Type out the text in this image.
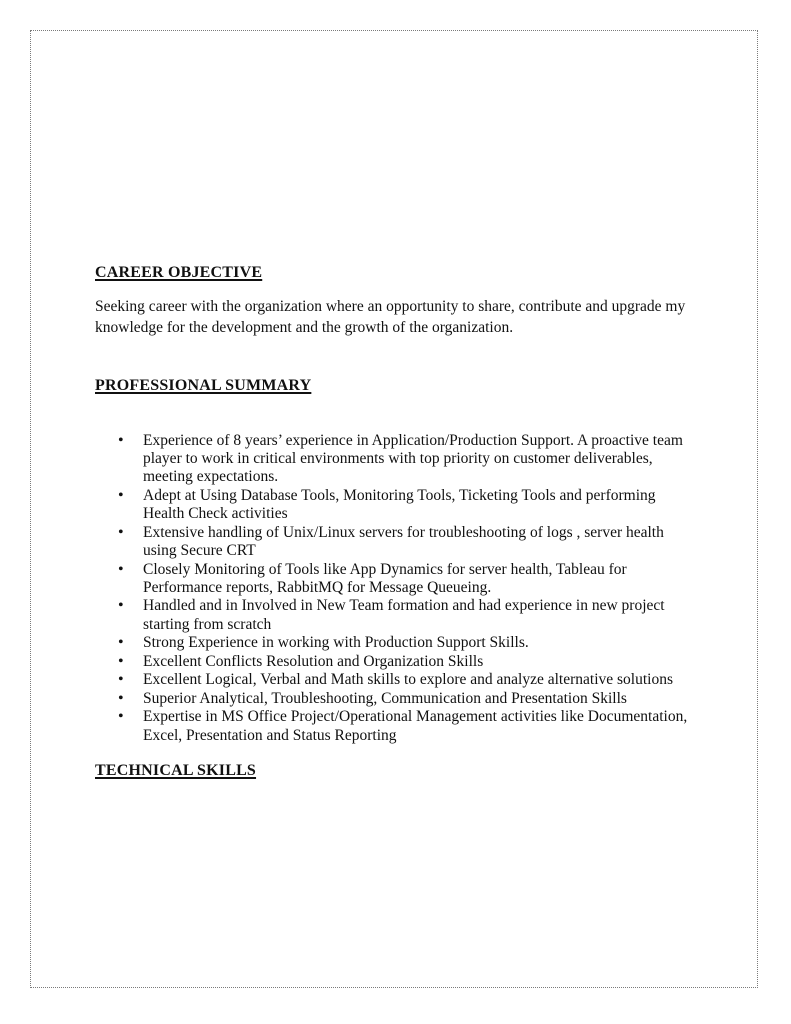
CAREER OBJECTIVE

Seeking career with the organization where an opportunity to share, contribute and upgrade my knowledge for the development and the growth of the organization.

PROFESSIONAL SUMMARY
• Experience of 8 years’ experience in Application/Production Support. A proactive team player to work in critical environments with top priority on customer deliverables, meeting expectations.
• Adept at Using Database Tools, Monitoring Tools, Ticketing Tools and performing Health Check activities
• Extensive handling of Unix/Linux servers for troubleshooting of logs , server health using Secure CRT
• Closely Monitoring of Tools like App Dynamics for server health, Tableau for Performance reports, RabbitMQ for Message Queueing.
• Handled and in Involved in New Team formation and had experience in new project starting from scratch
• Strong Experience in working with Production Support Skills.
• Excellent Conflicts Resolution and Organization Skills
• Excellent Logical, Verbal and Math skills to explore and analyze alternative solutions
• Superior Analytical, Troubleshooting, Communication and Presentation Skills
• Expertise in MS Office Project/Operational Management activities like Documentation, Excel, Presentation and Status Reporting
TECHNICAL SKILLS
